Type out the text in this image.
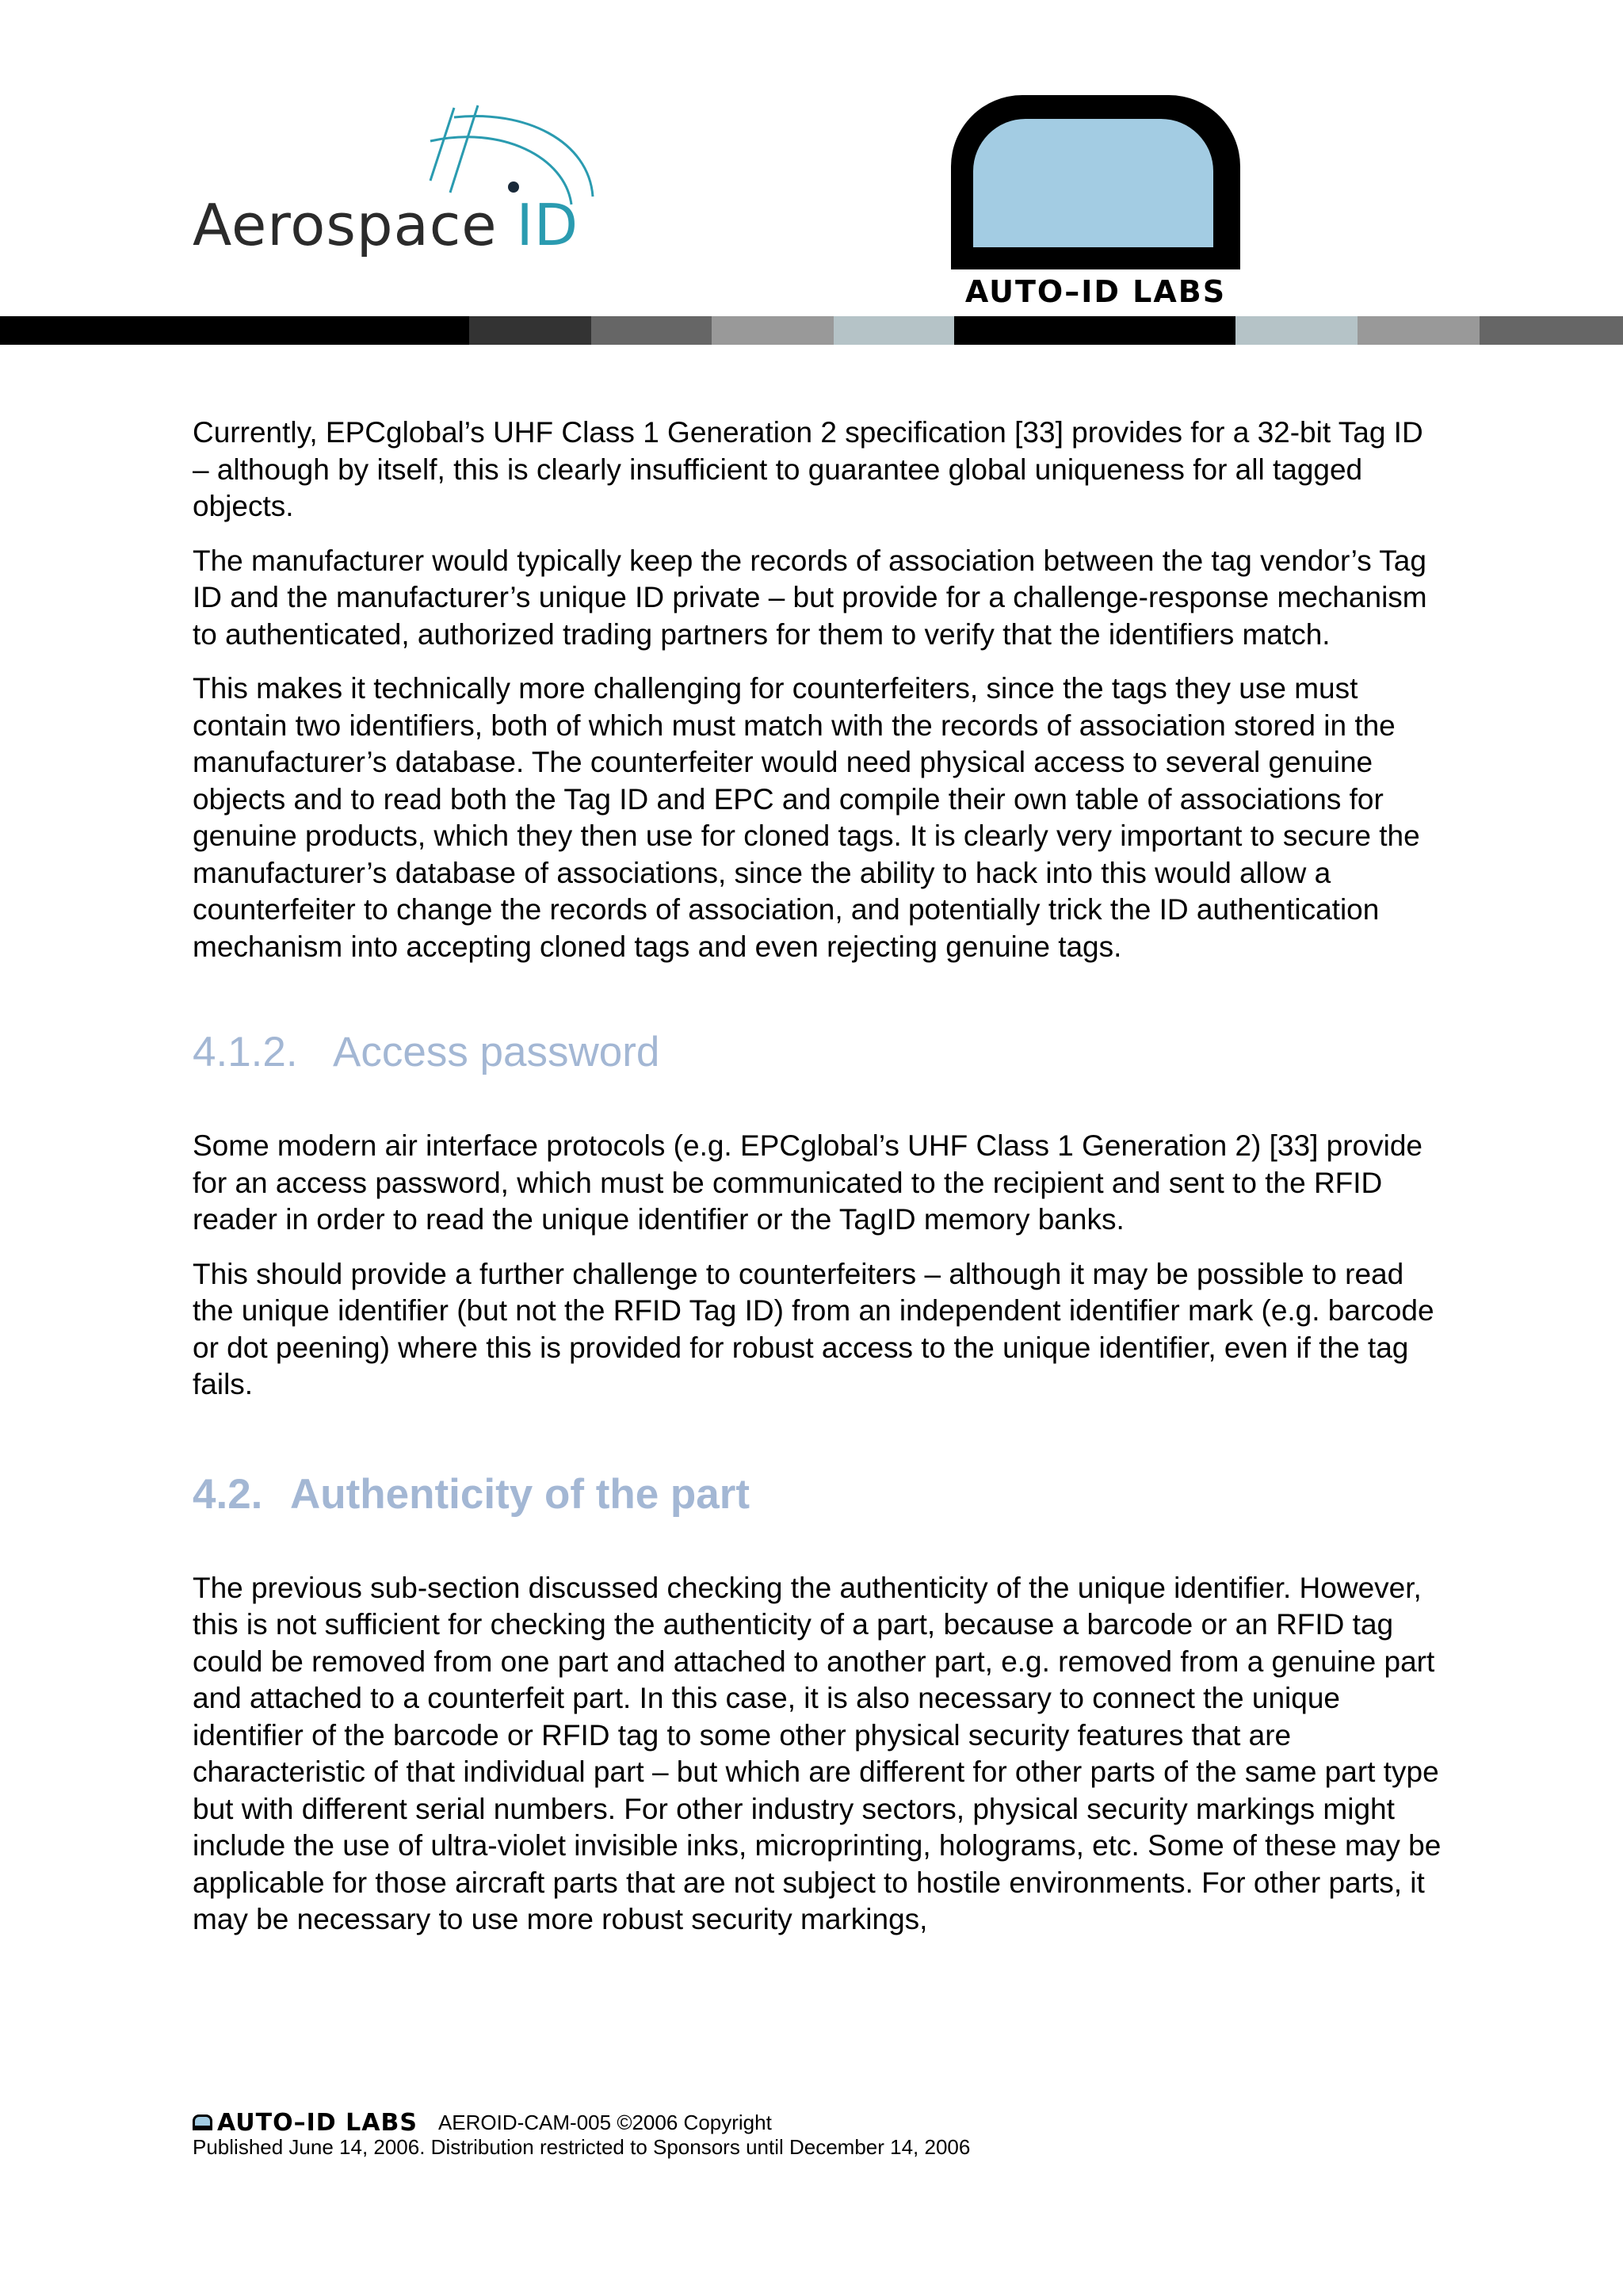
Aerospace ID
AUTO–ID LABS

Currently, EPCglobal’s UHF Class 1 Generation 2 specification [33] provides for a 32-bit Tag ID – although by itself, this is clearly insufficient to guarantee global uniqueness for all tagged objects.

The manufacturer would typically keep the records of association between the tag vendor’s Tag ID and the manufacturer’s unique ID private – but provide for a challenge-response mechanism to authenticated, authorized trading partners for them to verify that the identifiers match.

This makes it technically more challenging for counterfeiters, since the tags they use must contain two identifiers, both of which must match with the records of association stored in the manufacturer’s database. The counterfeiter would need physical access to several genuine objects and to read both the Tag ID and EPC and compile their own table of associations for genuine products, which they then use for cloned tags. It is clearly very important to secure the manufacturer’s database of associations, since the ability to hack into this would allow a counterfeiter to change the records of association, and potentially trick the ID authentication mechanism into accepting cloned tags and even rejecting genuine tags.

4.1.2. Access password

Some modern air interface protocols (e.g. EPCglobal’s UHF Class 1 Generation 2) [33] provide for an access password, which must be communicated to the recipient and sent to the RFID reader in order to read the unique identifier or the TagID memory banks.

This should provide a further challenge to counterfeiters – although it may be possible to read the unique identifier (but not the RFID Tag ID) from an independent identifier mark (e.g. barcode or dot peening) where this is provided for robust access to the unique identifier, even if the tag fails.

4.2. Authenticity of the part

The previous sub-section discussed checking the authenticity of the unique identifier. However, this is not sufficient for checking the authenticity of a part, because a barcode or an RFID tag could be removed from one part and attached to another part, e.g. removed from a genuine part and attached to a counterfeit part. In this case, it is also necessary to connect the unique identifier of the barcode or RFID tag to some other physical security features that are characteristic of that individual part – but which are different for other parts of the same part type but with different serial numbers. For other industry sectors, physical security markings might include the use of ultra-violet invisible inks, microprinting, holograms, etc. Some of these may be applicable for those aircraft parts that are not subject to hostile environments. For other parts, it may be necessary to use more robust security markings,

AUTO–ID LABS AEROID-CAM-005 ©2006 Copyright
Published June 14, 2006. Distribution restricted to Sponsors until December 14, 2006
